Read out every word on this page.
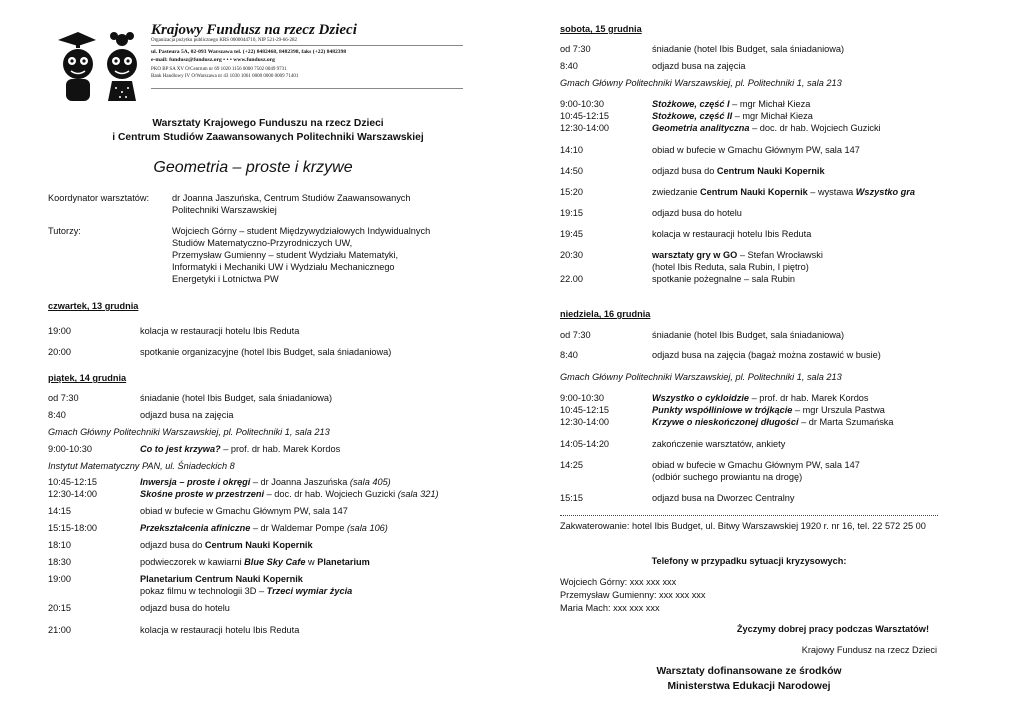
Krajowy Fundusz na rzecz Dzieci
Organizacja pożytku publicznego KRS 0000044710, NIP 521-29-66-282
ul. Pasteura 5A, 02-093 Warszawa tel. (+22) 8482468, 8482398, faks (+22) 8482398
e-mail: fundusz@fundusz.org • • • www.fundusz.org
PKO BP SA XV O/Centrum nr 69 1020 1156 0000 7502 0049 9731
Bank Handlowy IV O/Warszawa nr 43 1030 1061 0000 0000 0009 71401
Warsztaty Krajowego Funduszu na rzecz Dzieci
i Centrum Studiów Zaawansowanych Politechniki Warszawskiej
Geometria – proste i krzywe
Koordynator warsztatów: dr Joanna Jaszuńska, Centrum Studiów Zaawansowanych
Politechniki Warszawskiej
Tutorzy:	Wojciech Górny – student Międzywydziałowych Indywidualnych
Studiów Matematyczno-Przyrodniczych UW,
Przemysław Gumienny – student Wydziału Matematyki,
Informatyki i Mechaniki UW i Wydziału Mechanicznego
Energetyki i Lotnictwa PW
czwartek, 13 grudnia
19:00	kolacja w restauracji hotelu Ibis Reduta
20:00	spotkanie organizacyjne (hotel Ibis Budget, sala śniadaniowa)
piątek, 14 grudnia
od 7:30	śniadanie (hotel Ibis Budget, sala śniadaniowa)
8:40	odjazd busa na zajęcia
Gmach Główny Politechniki Warszawskiej, pl. Politechniki 1, sala 213
9:00-10:30	Co to jest krzywa? – prof. dr hab. Marek Kordos
Instytut Matematyczny PAN, ul. Śniadeckich 8
10:45-12:15	Inwersja – proste i okręgi – dr Joanna Jaszuńska (sala 405)
12:30-14:00	Skośne proste w przestrzeni – doc. dr hab. Wojciech Guzicki (sala 321)
14:15	obiad w bufecie w Gmachu Głównym PW, sala 147
15:15-18:00	Przekształcenia afiniczne – dr Waldemar Pompe (sala 106)
18:10	odjazd busa do Centrum Nauki Kopernik
18:30	podwieczorek w kawiarni Blue Sky Cafe w Planetarium
19:00	Planetarium Centrum Nauki Kopernik
pokaz filmu w technologii 3D – Trzeci wymiar życia
20:15	odjazd busa do hotelu
21:00	kolacja w restauracji hotelu Ibis Reduta
sobota, 15 grudnia
od 7:30	śniadanie (hotel Ibis Budget, sala śniadaniowa)
8:40	odjazd busa na zajęcia
Gmach Główny Politechniki Warszawskiej, pl. Politechniki 1, sala 213
9:00-10:30	Stożkowe, część I – mgr Michał Kieza
10:45-12:15	Stożkowe, część II – mgr Michał Kieza
12:30-14:00	Geometria analityczna – doc. dr hab. Wojciech Guzicki
14:10	obiad w bufecie w Gmachu Głównym PW, sala 147
14:50	odjazd busa do Centrum Nauki Kopernik
15:20	zwiedzanie Centrum Nauki Kopernik – wystawa Wszystko gra
19:15	odjazd busa do hotelu
19:45	kolacja w restauracji hotelu Ibis Reduta
20:30	warsztaty gry w GO – Stefan Wrocławski
(hotel Ibis Reduta, sala Rubin, I piętro)
22.00	spotkanie pożegnalne – sala Rubin
niedziela, 16 grudnia
od 7:30	śniadanie (hotel Ibis Budget, sala śniadaniowa)
8:40	odjazd busa na zajęcia (bagaż można zostawić w busie)
Gmach Główny Politechniki Warszawskiej, pl. Politechniki 1, sala 213
9:00-10:30	Wszystko o cykloidzie – prof. dr hab. Marek Kordos
10:45-12:15	Punkty współliniowe w trójkącie – mgr Urszula Pastwa
12:30-14:00	Krzywe o nieskończonej długości – dr Marta Szumańska
14:05-14:20	zakończenie warsztatów, ankiety
14:25	obiad w bufecie w Gmachu Głównym PW, sala 147
(odbiór suchego prowiantu na drogę)
15:15	odjazd busa na Dworzec Centralny
Zakwaterowanie: hotel Ibis Budget, ul. Bitwy Warszawskiej 1920 r. nr 16, tel. 22 572 25 00
Telefony w przypadku sytuacji kryzysowych:
Wojciech Górny: xxx xxx xxx
Przemysław Gumienny: xxx xxx xxx
Maria Mach: xxx xxx xxx
Życzymy dobrej pracy podczas Warsztatów!
Krajowy Fundusz na rzecz Dzieci
Warsztaty dofinansowane ze środków
Ministerstwa Edukacji Narodowej
